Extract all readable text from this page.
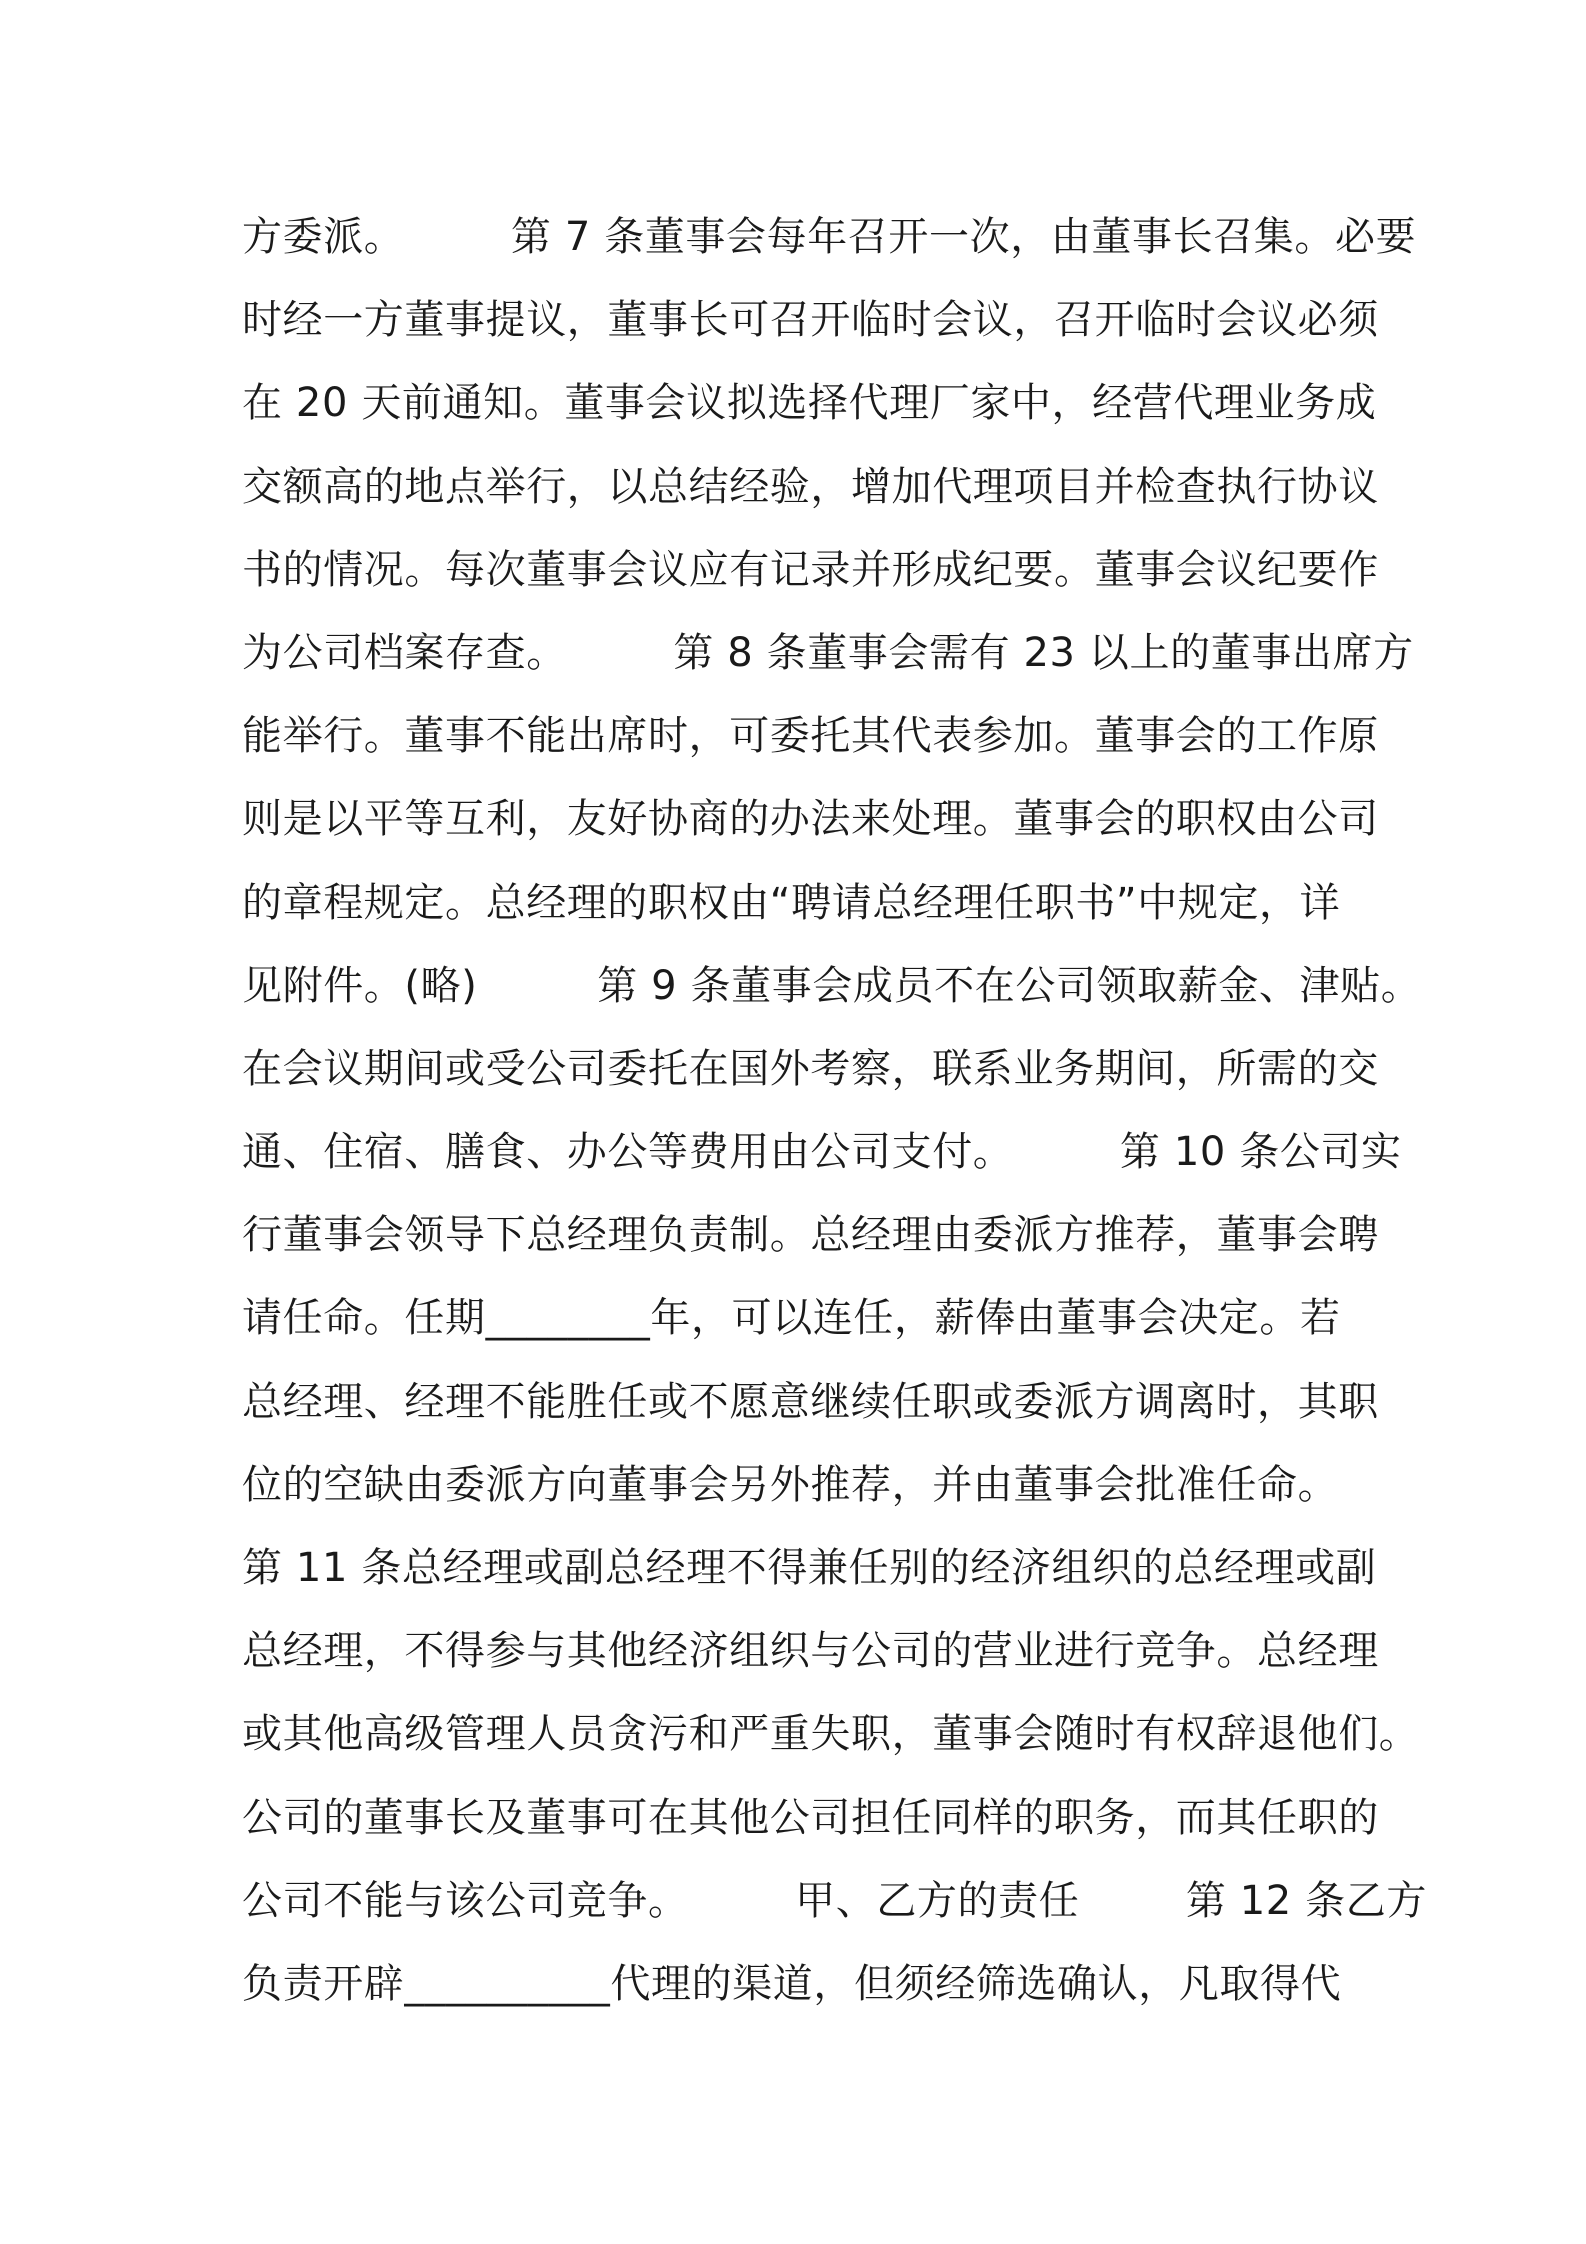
方委派。        第 7 条董事会每年召开一次，由董事长召集。必要
时经一方董事提议，董事长可召开临时会议，召开临时会议必须
在 20 天前通知。董事会议拟选择代理厂家中，经营代理业务成
交额高的地点举行，以总结经验，增加代理项目并检查执行协议
书的情况。每次董事会议应有记录并形成纪要。董事会议纪要作
为公司档案存查。        第 8 条董事会需有 23 以上的董事出席方
能举行。董事不能出席时，可委托其代表参加。董事会的工作原
则是以平等互利，友好协商的办法来处理。董事会的职权由公司
的章程规定。总经理的职权由“聘请总经理任职书”中规定，详
见附件。(略)         第 9 条董事会成员不在公司领取薪金、津贴。
在会议期间或受公司委托在国外考察，联系业务期间，所需的交
通、住宿、膳食、办公等费用由公司支付。        第 10 条公司实
行董事会领导下总经理负责制。总经理由委派方推荐，董事会聘
请任命。任期________年，可以连任，薪俸由董事会决定。若
总经理、经理不能胜任或不愿意继续任职或委派方调离时，其职
位的空缺由委派方向董事会另外推荐，并由董事会批准任命。
第 11 条总经理或副总经理不得兼任别的经济组织的总经理或副
总经理，不得参与其他经济组织与公司的营业进行竞争。总经理
或其他高级管理人员贪污和严重失职，董事会随时有权辞退他们。
公司的董事长及董事可在其他公司担任同样的职务，而其任职的
公司不能与该公司竞争。        甲、乙方的责任        第 12 条乙方
负责开辟__________代理的渠道，但须经筛选确认，凡取得代
